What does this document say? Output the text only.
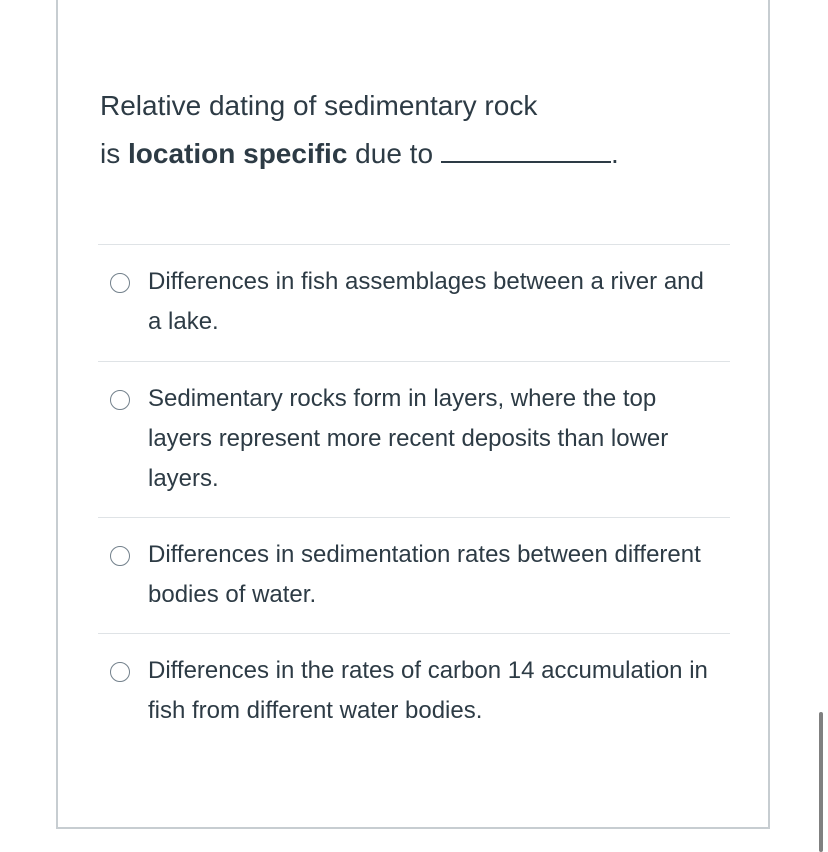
Relative dating of sedimentary rock
is location specific due to	.
Differences in fish assemblages between a river and a lake.
Sedimentary rocks form in layers, where the top layers represent more recent deposits than lower layers.
Differences in sedimentation rates between different bodies of water.
Differences in the rates of carbon 14 accumulation in fish from different water bodies.
